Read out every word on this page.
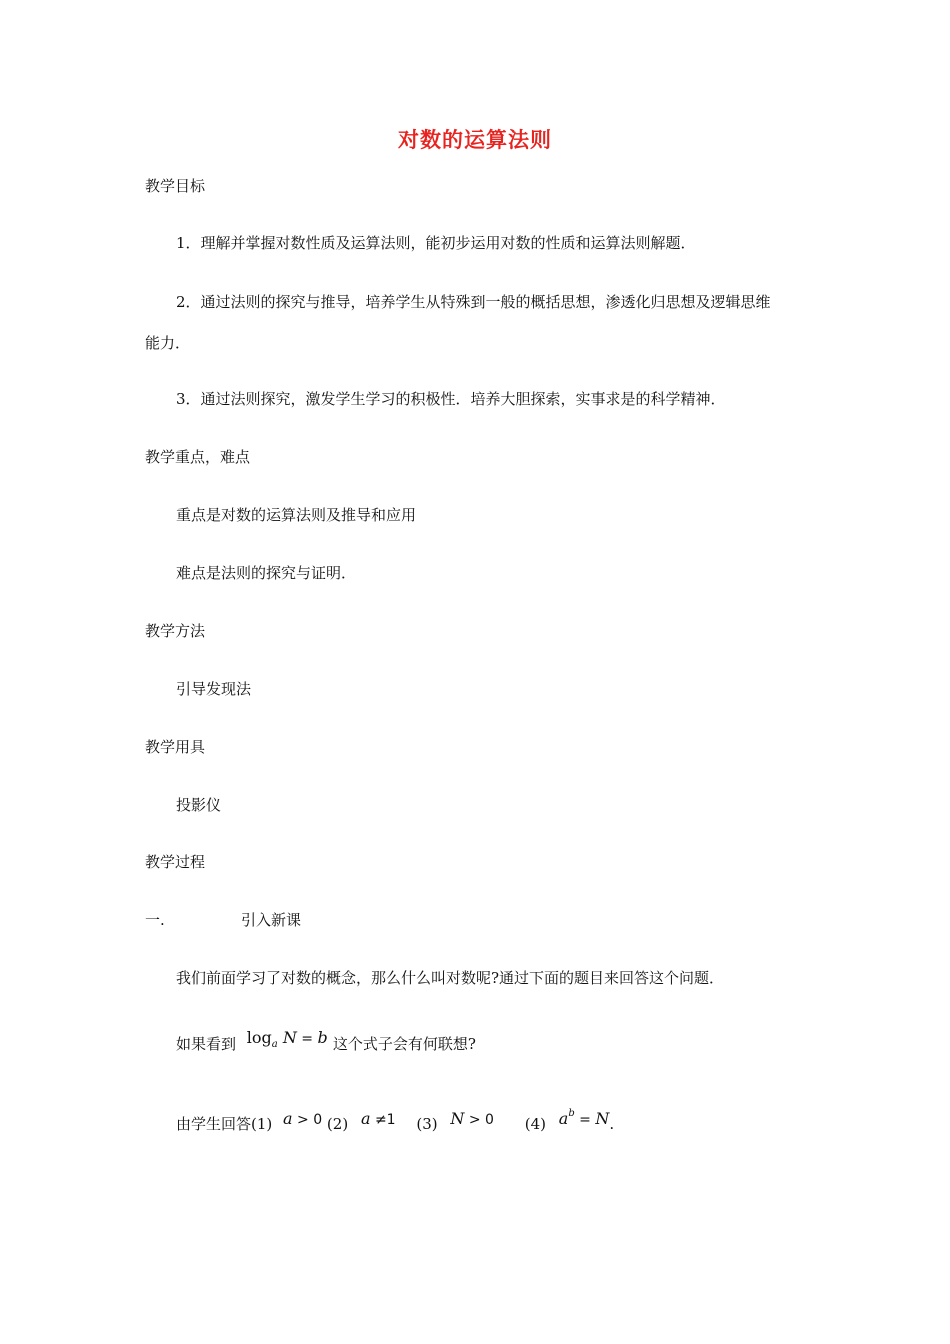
对数的运算法则
教学目标
1．理解并掌握对数性质及运算法则，能初步运用对数的性质和运算法则解题．
2．通过法则的探究与推导，培养学生从特殊到一般的概括思想，渗透化归思想及逻辑思维
能力．
3．通过法则探究，激发学生学习的积极性．培养大胆探索，实事求是的科学精神．
教学重点，难点
重点是对数的运算法则及推导和应用
难点是法则的探究与证明．
教学方法
引导发现法
教学用具
投影仪
教学过程
一.	引入新课
我们前面学习了对数的概念，那么什么叫对数呢?通过下面的题目来回答这个问题．
如果看到 $\log_a N = b$ 这个式子会有何联想?
由学生回答(1) a > 0 (2) a ≠1 (3) N > 0 (4) $a^b = N$.
